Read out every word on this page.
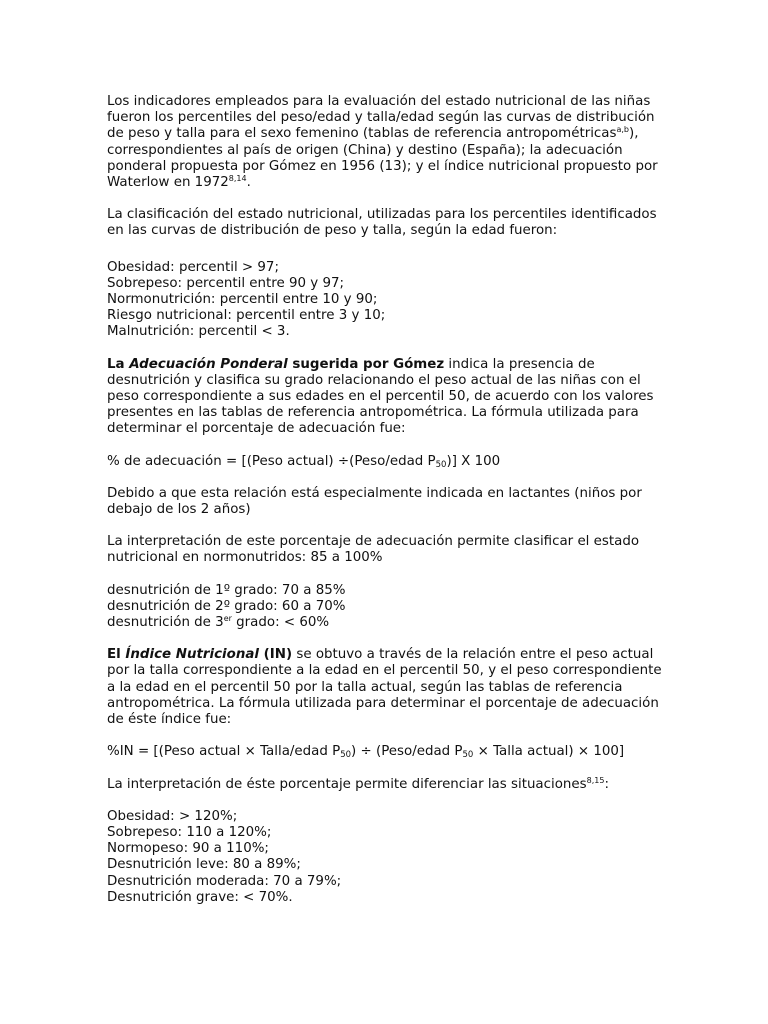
Los indicadores empleados para la evaluación del estado nutricional de las niñas fueron los percentiles del peso/edad y talla/edad según las curvas de distribución de peso y talla para el sexo femenino (tablas de referencia antropométricas$^{a,b}$), correspondientes al país de origen (China) y destino (España); la adecuación ponderal propuesta por Gómez en 1956 (13); y el índice nutricional propuesto por Waterlow en 1972$^{8,14}$.

La clasificación del estado nutricional, utilizadas para los percentiles identificados en las curvas de distribución de peso y talla, según la edad fueron:

Obesidad: percentil > 97;
Sobrepeso: percentil entre 90 y 97;
Normonutrición: percentil entre 10 y 90;
Riesgo nutricional: percentil entre 3 y 10;
Malnutrición: percentil < 3.

La Adecuación Ponderal sugerida por Gómez indica la presencia de desnutrición y clasifica su grado relacionando el peso actual de las niñas con el peso correspondiente a sus edades en el percentil 50, de acuerdo con los valores presentes en las tablas de referencia antropométrica. La fórmula utilizada para determinar el porcentaje de adecuación fue:

% de adecuación = [(Peso actual) ÷(Peso/edad $P_{50}$)] X 100

Debido a que esta relación está especialmente indicada en lactantes (niños por debajo de los 2 años)

La interpretación de este porcentaje de adecuación permite clasificar el estado nutricional en normonutridos: 85 a 100%

desnutrición de 1º grado: 70 a 85%
desnutrición de 2º grado: 60 a 70%
desnutrición de 3er grado: < 60%

El Índice Nutricional (IN) se obtuvo a través de la relación entre el peso actual por la talla correspondiente a la edad en el percentil 50, y el peso correspondiente a la edad en el percentil 50 por la talla actual, según las tablas de referencia antropométrica. La fórmula utilizada para determinar el porcentaje de adecuación de éste índice fue:

%IN = [(Peso actual × Talla/edad $P_{50}$) ÷ (Peso/edad $P_{50}$ × Talla actual) × 100]

La interpretación de éste porcentaje permite diferenciar las situaciones$^{8,15}$:

Obesidad: > 120%;
Sobrepeso: 110 a 120%;
Normopeso: 90 a 110%;
Desnutrición leve: 80 a 89%;
Desnutrición moderada: 70 a 79%;
Desnutrición grave: < 70%.
